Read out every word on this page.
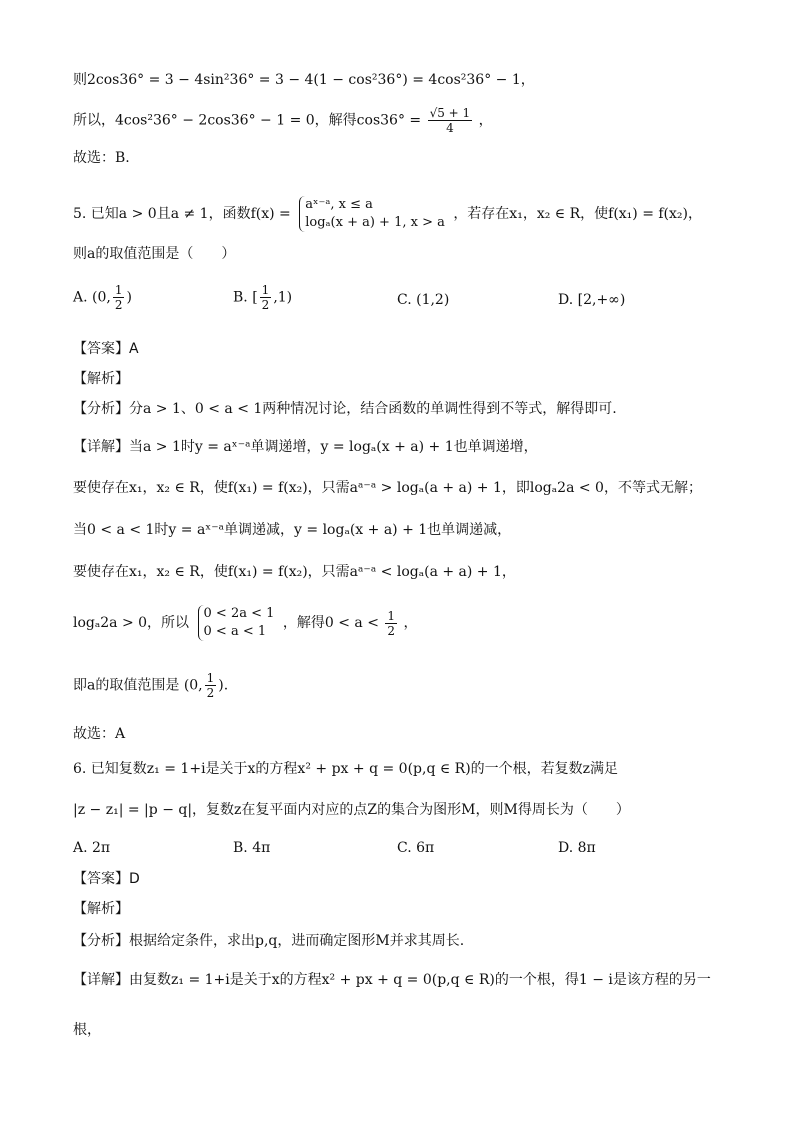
则2cos36° = 3 − 4sin²36° = 3 − 4(1 − cos²36°) = 4cos²36° − 1，
所以，4cos²36° − 2cos36° − 1 = 0，解得$\cos 36^\circ = \frac{√5 + 1}{4}$ ，
故选：B.
5. 已知a > 0且a ≠ 1，函数f(x) =
aˣ⁻ᵃ, x ≤ a
logₐ(x + a) + 1, x > a
，若存在x₁，x₂ ∈ R，使f(x₁) = f(x₂)，
则a的取值范围是（　　）
A. (0, $\frac{1}{2}$ )	B. [ $\frac{1}{2} ,1$)	C. (1,2)	D. [2,+∞)
【答案】A
【解析】
【分析】分a > 1、0 < a < 1两种情况讨论，结合函数的单调性得到不等式，解得即可.
【详解】当a > 1时y = aˣ⁻ᵃ单调递增，y = logₐ(x + a) + 1也单调递增，
要使存在x₁，x₂ ∈ R，使f(x₁) = f(x₂)，只需aᵃ⁻ᵃ > logₐ(a + a) + 1，即logₐ2a < 0，不等式无解；
当0 < a < 1时y = aˣ⁻ᵃ单调递减，y = logₐ(x + a) + 1也单调递减，
要使存在x₁，x₂ ∈ R，使f(x₁) = f(x₂)，只需aᵃ⁻ᵃ < logₐ(a + a) + 1，
logₐ2a > 0，所以
0 < 2a < 1
0 < a < 1
，解得$0 < a < \frac{1}{2}$ ，
即a的取值范围是 (0, $\frac{1}{2}$ ).
故选：A
6. 已知复数z₁ = 1+i是关于x的方程x² + px + q = 0(p,q ∈ R)的一个根，若复数z满足
|z − z₁| = |p − q|，复数z在复平面内对应的点Z的集合为图形M，则M得周长为（　　）
A. 2π	B. 4π	C. 6π	D. 8π
【答案】D
【解析】
【分析】根据给定条件，求出p,q，进而确定图形M并求其周长.
【详解】由复数z₁ = 1+i是关于x的方程x² + px + q = 0(p,q ∈ R)的一个根，得1 − i是该方程的另一
根，
